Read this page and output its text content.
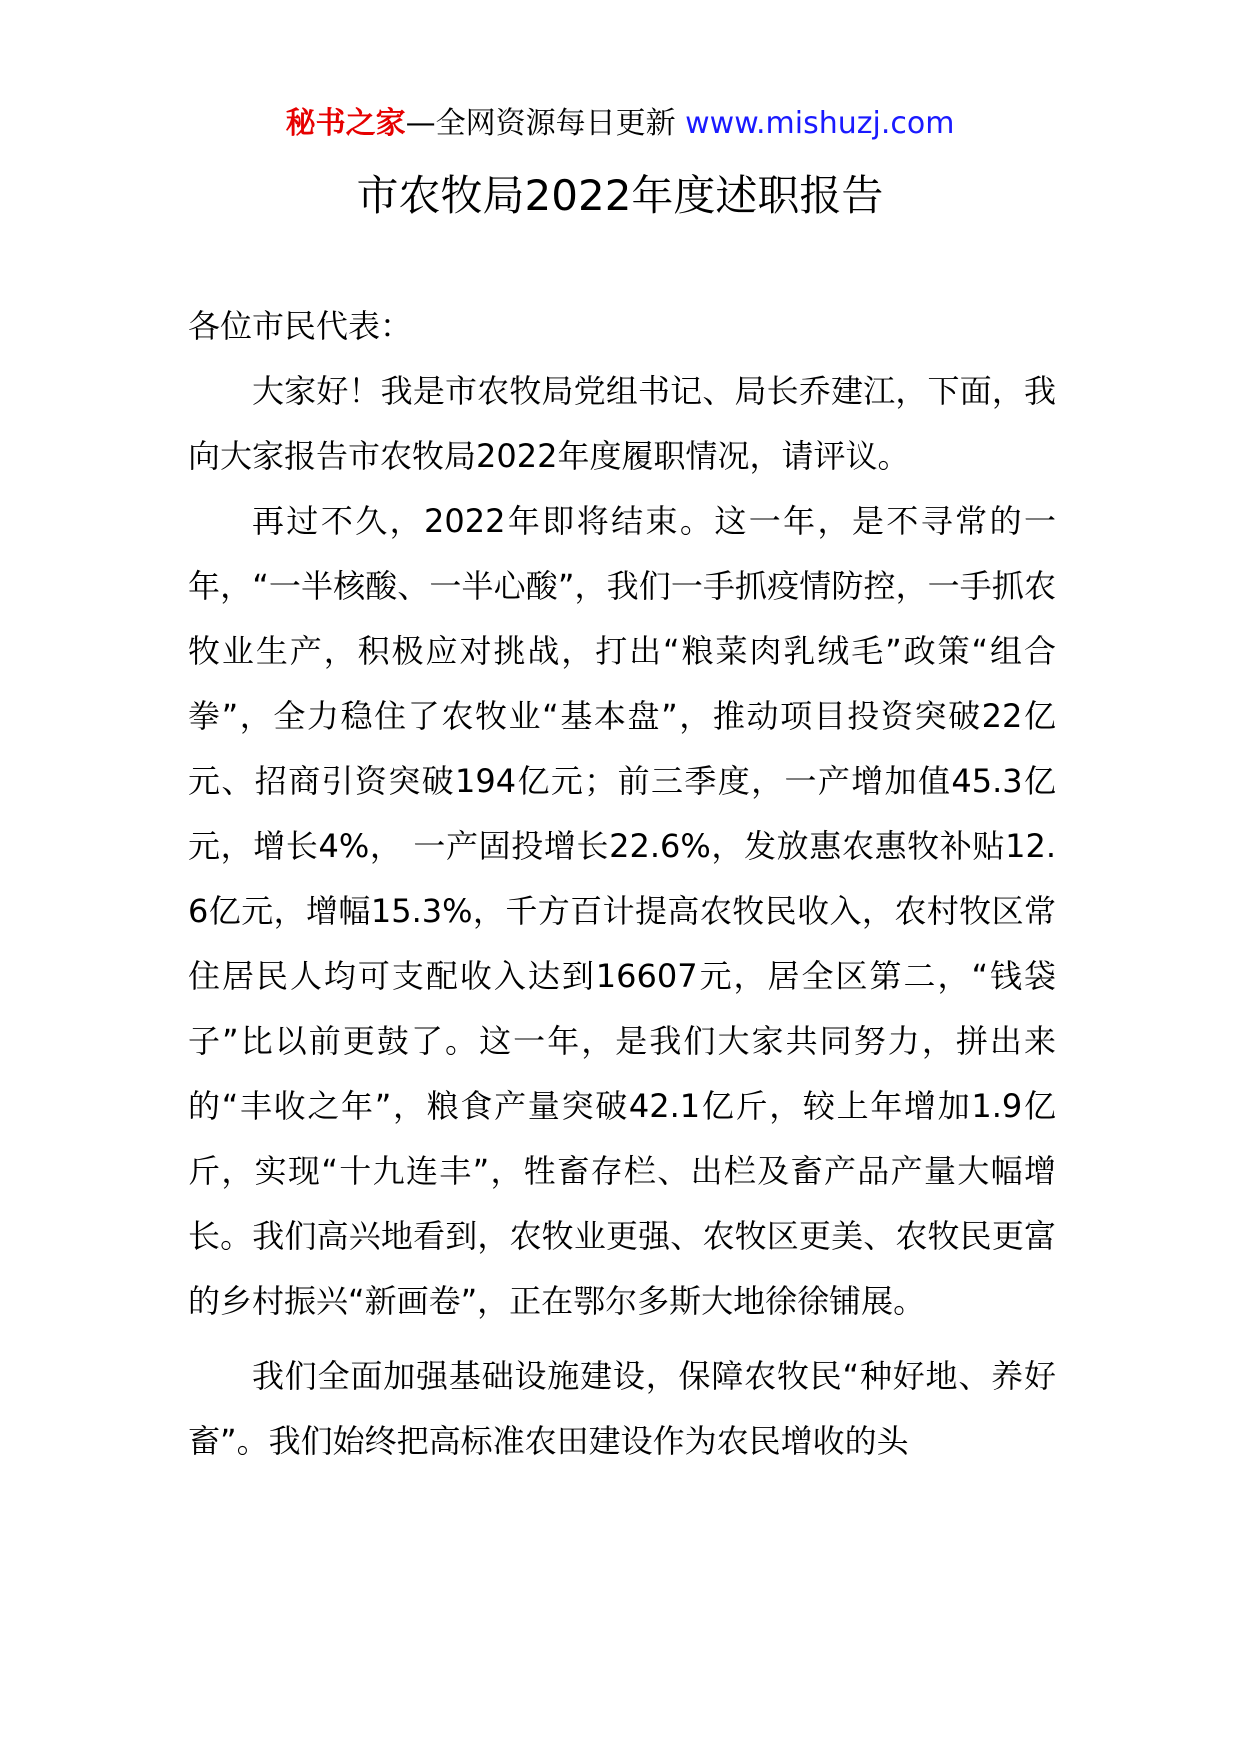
秘书之家—全网资源每日更新 www.mishuzj.com
市农牧局2022年度述职报告

各位市民代表：

大家好！我是市农牧局党组书记、局长乔建江，下面，我向大家报告市农牧局2022年度履职情况，请评议。

再过不久，2022年即将结束。这一年，是不寻常的一年，“一半核酸、一半心酸”，我们一手抓疫情防控，一手抓农牧业生产，积极应对挑战，打出“粮菜肉乳绒毛”政策“组合拳”，全力稳住了农牧业“基本盘”，推动项目投资突破22亿元、招商引资突破194亿元；前三季度，一产增加值45.3亿元，增长4%， 一产固投增长22.6%，发放惠农惠牧补贴12.6亿元，增幅15.3%，千方百计提高农牧民收入，农村牧区常住居民人均可支配收入达到16607元，居全区第二，“钱袋子”比以前更鼓了。这一年，是我们大家共同努力，拼出来的“丰收之年”，粮食产量突破42.1亿斤，较上年增加1.9亿斤，实现“十九连丰”，牲畜存栏、出栏及畜产品产量大幅增长。我们高兴地看到，农牧业更强、农牧区更美、农牧民更富的乡村振兴“新画卷”，正在鄂尔多斯大地徐徐铺展。

我们全面加强基础设施建设，保障农牧民“种好地、养好畜”。我们始终把高标准农田建设作为农民增收的头
